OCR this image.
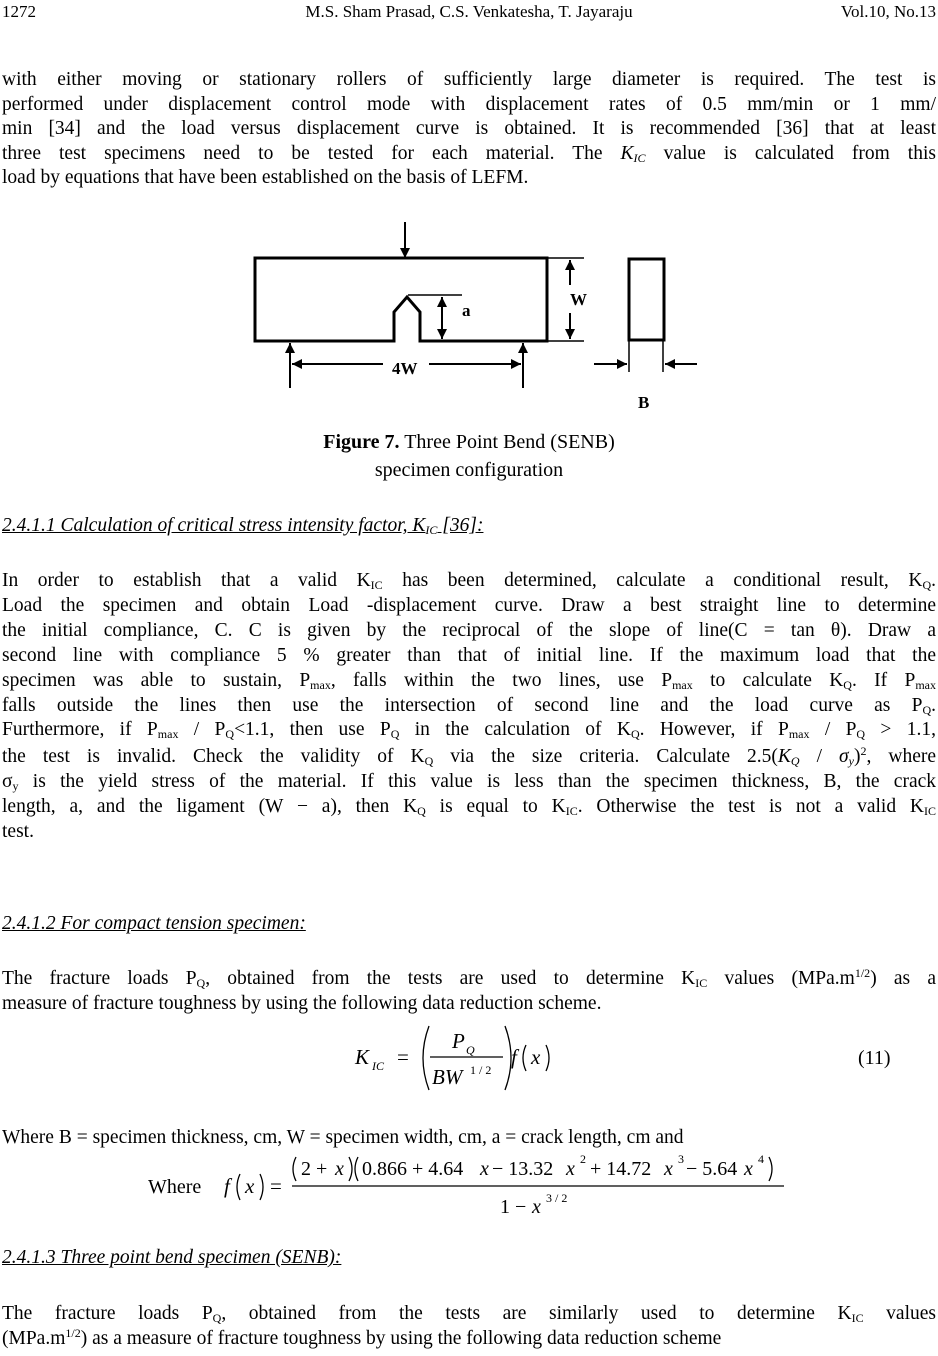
1272	M.S. Sham Prasad, C.S. Venkatesha, T. Jayaraju	Vol.10, No.13
with either moving or stationary rollers of sufficiently large diameter is required. The test is
performed under displacement control mode with displacement rates of 0.5 mm/min or 1 mm/
min [34] and the load versus displacement curve is obtained. It is recommended [36] that at least
three test specimens need to be tested for each material. The $K_{IC}$ value is calculated from this
load by equations that have been established on the basis of LEFM.
a
W
4W
B
Figure 7. Three Point Bend (SENB)
specimen configuration
2.4.1.1 Calculation of critical stress intensity factor, $K_{IC}$ [36]:
In order to establish that a valid $K_{IC}$ has been determined, calculate a conditional result, $K_Q$.
Load the specimen and obtain Load -displacement curve. Draw a best straight line to determine
the initial compliance, C. C is given by the reciprocal of the slope of line(C = tan θ). Draw a
second line with compliance 5 % greater than that of initial line. If the maximum load that the
specimen was able to sustain, $P_{max}$, falls within the two lines, use $P_{max}$ to calculate $K_Q$. If $P_{max}$
falls outside the lines then use the intersection of second line and the load curve as $P_Q$.
Furthermore, if $P_{max} / P_Q<1.1$, then use $P_Q$ in the calculation of $K_Q$. However, if $P_{max} / P_Q > 1.1$,
the test is invalid. Check the validity of $K_Q$ via the size criteria. Calculate $2.5(K_Q / \sigma_y)^2$, where
$\sigma_y$ is the yield stress of the material. If this value is less than the specimen thickness, B, the crack
length, a, and the ligament (W − a), then $K_Q$ is equal to $K_{IC}$. Otherwise the test is not a valid $K_{IC}$
test.
2.4.1.2 For compact tension specimen:
The fracture loads $P_Q$, obtained from the tests are used to determine $K_{IC}$ values $(MPa.m^{1/2})$ as a
measure of fracture toughness by using the following data reduction scheme.
K IC =
P Q
BW 1 / 2
f x	(11)
Where B = specimen thickness, cm, W = specimen width, cm, a = crack length, cm and
Where f x =
2 + x 0.866 + 4.64 x − 13.32 x 2 + 14.72 x 3 − 5.64 x 4
1 − x 3 / 2
2.4.1.3 Three point bend specimen (SENB):
The fracture loads $P_Q$, obtained from the tests are similarly used to determine $K_{IC}$ values
$(MPa.m^{1/2})$ as a measure of fracture toughness by using the following data reduction scheme
